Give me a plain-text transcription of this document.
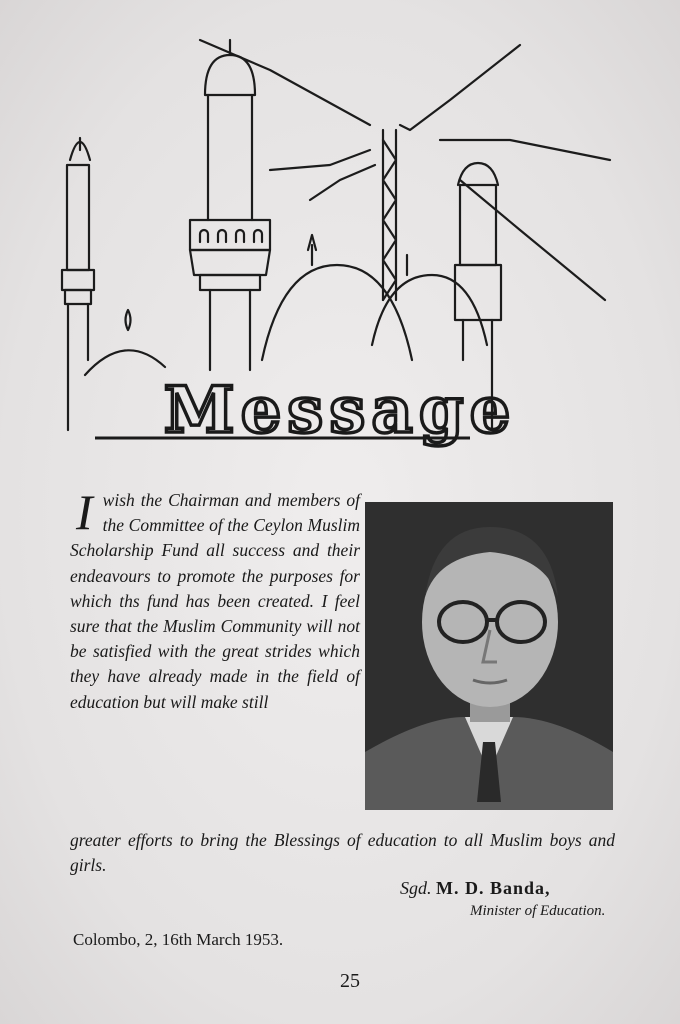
Message
I wish the Chairman and members of the Committee of the Ceylon Muslim Scholarship Fund all success and their endeavours to promote the purposes for which ths fund has been created. I feel sure that the Muslim Community will not be satisfied with the great strides which they have already made in the field of education but will make still

greater efforts to bring the Blessings of education to all Muslim boys and girls.

Sgd. M. D. Banda,
Minister of Education.
Colombo, 2, 16th March 1953.
25
